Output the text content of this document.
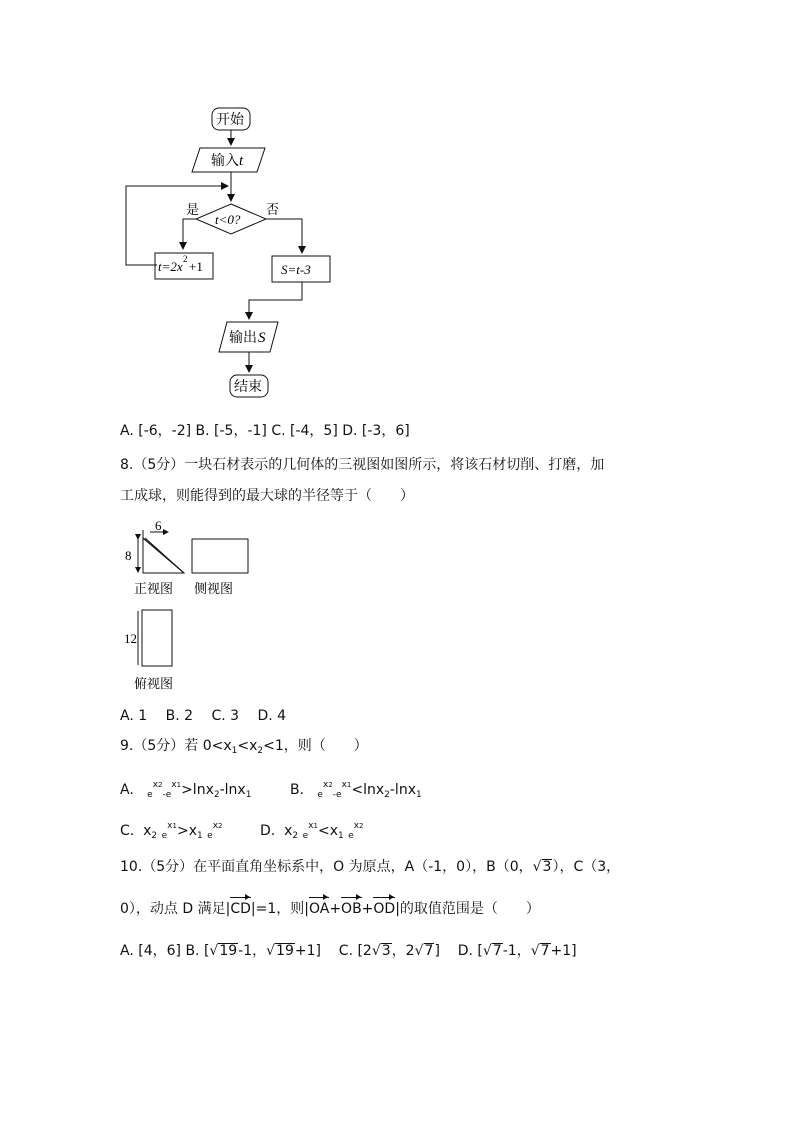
开始
输入 t
t<0?
是	否
t=2x 2 +1	S=t-3
输出 S
结束
A. [-6，-2] B. [-5，-1] C. [-4，5] D. [-3，6]
8.（5分）一块石材表示的几何体的三视图如图所示，将该石材切削、打磨，加
工成球，则能得到的最大球的半径等于（　　）
6
8
正视图 侧视图
12
俯视图
A. 1　 B. 2　 C. 3　 D. 4
9.（5分）若 $0<x_1<x_2<1$，则（　　）
A. $_e^{x2}_{-e}^{x1}$>lnx$_2$-lnx$_1$	B. $_e^{x2}_{-e}^{x1}$<lnx$_2$-lnx$_1$
C.  $x_2$ $_e^{x1}>x_1$ $_e^{x2}$	D.  $x_2$ $_e^{x1}<x_1$ $_e^{x2}$
10.（5分）在平面直角坐标系中，O 为原点，A（-1，0），B（0，√3），C（3，
0），动点 D 满足|CD|=1，则|OA+OB+OD|的取值范围是（　　）
A. [4，6] B. [√19-1，√19+1] C. [2√3，2√7] D. [√7-1，√7+1]
